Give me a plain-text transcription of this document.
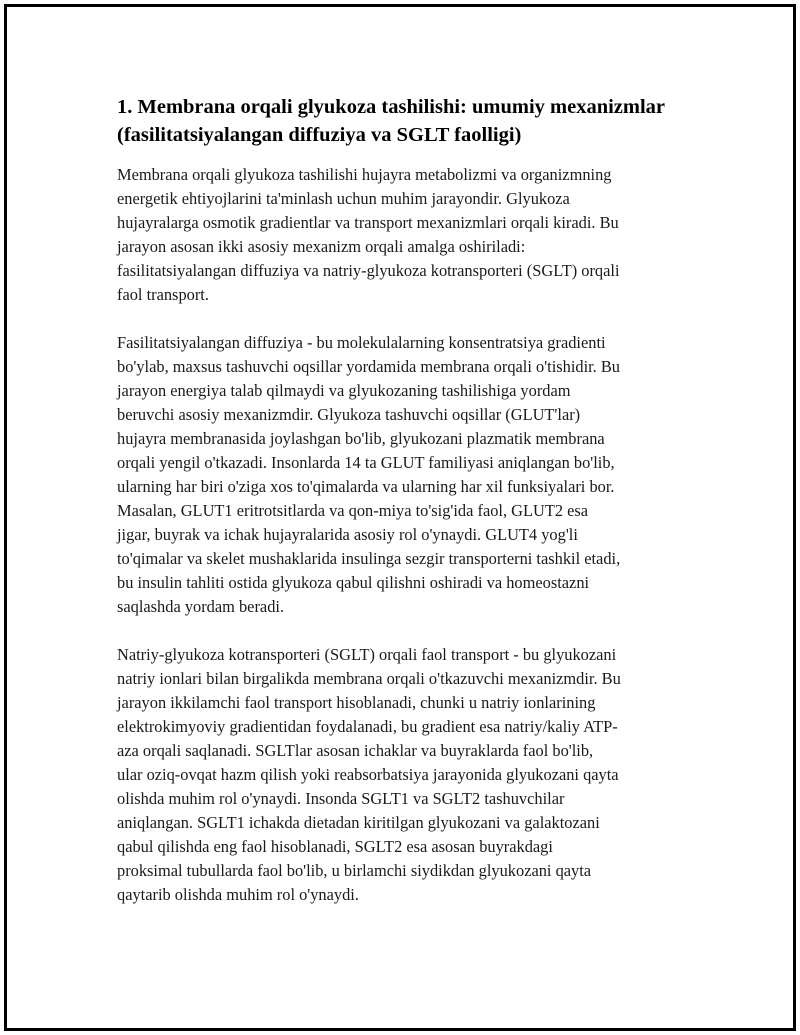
1. Membrana orqali glyukoza tashilishi: umumiy mexanizmlar
(fasilitatsiyalangan diffuziya va SGLT faolligi)

Membrana orqali glyukoza tashilishi hujayra metabolizmi va organizmning
energetik ehtiyojlarini ta'minlash uchun muhim jarayondir. Glyukoza
hujayralarga osmotik gradientlar va transport mexanizmlari orqali kiradi. Bu
jarayon asosan ikki asosiy mexanizm orqali amalga oshiriladi:
fasilitatsiyalangan diffuziya va natriy-glyukoza kotransporteri (SGLT) orqali
faol transport.

Fasilitatsiyalangan diffuziya - bu molekulalarning konsentratsiya gradienti
bo'ylab, maxsus tashuvchi oqsillar yordamida membrana orqali o'tishidir. Bu
jarayon energiya talab qilmaydi va glyukozaning tashilishiga yordam
beruvchi asosiy mexanizmdir. Glyukoza tashuvchi oqsillar (GLUT'lar)
hujayra membranasida joylashgan bo'lib, glyukozani plazmatik membrana
orqali yengil o'tkazadi. Insonlarda 14 ta GLUT familiyasi aniqlangan bo'lib,
ularning har biri o'ziga xos to'qimalarda va ularning har xil funksiyalari bor.
Masalan, GLUT1 eritrotsitlarda va qon-miya to'sig'ida faol, GLUT2 esa
jigar, buyrak va ichak hujayralarida asosiy rol o'ynaydi. GLUT4 yog'li
to'qimalar va skelet mushaklarida insulinga sezgir transporterni tashkil etadi,
bu insulin tahliti ostida glyukoza qabul qilishni oshiradi va homeostazni
saqlashda yordam beradi.

Natriy-glyukoza kotransporteri (SGLT) orqali faol transport - bu glyukozani
natriy ionlari bilan birgalikda membrana orqali o'tkazuvchi mexanizmdir. Bu
jarayon ikkilamchi faol transport hisoblanadi, chunki u natriy ionlarining
elektrokimyoviy gradientidan foydalanadi, bu gradient esa natriy/kaliy ATP-
aza orqali saqlanadi. SGLTlar asosan ichaklar va buyraklarda faol bo'lib,
ular oziq-ovqat hazm qilish yoki reabsorbatsiya jarayonida glyukozani qayta
olishda muhim rol o'ynaydi. Insonda SGLT1 va SGLT2 tashuvchilar
aniqlangan. SGLT1 ichakda dietadan kiritilgan glyukozani va galaktozani
qabul qilishda eng faol hisoblanadi, SGLT2 esa asosan buyrakdagi
proksimal tubullarda faol bo'lib, u birlamchi siydikdan glyukozani qayta
qaytarib olishda muhim rol o'ynaydi.
